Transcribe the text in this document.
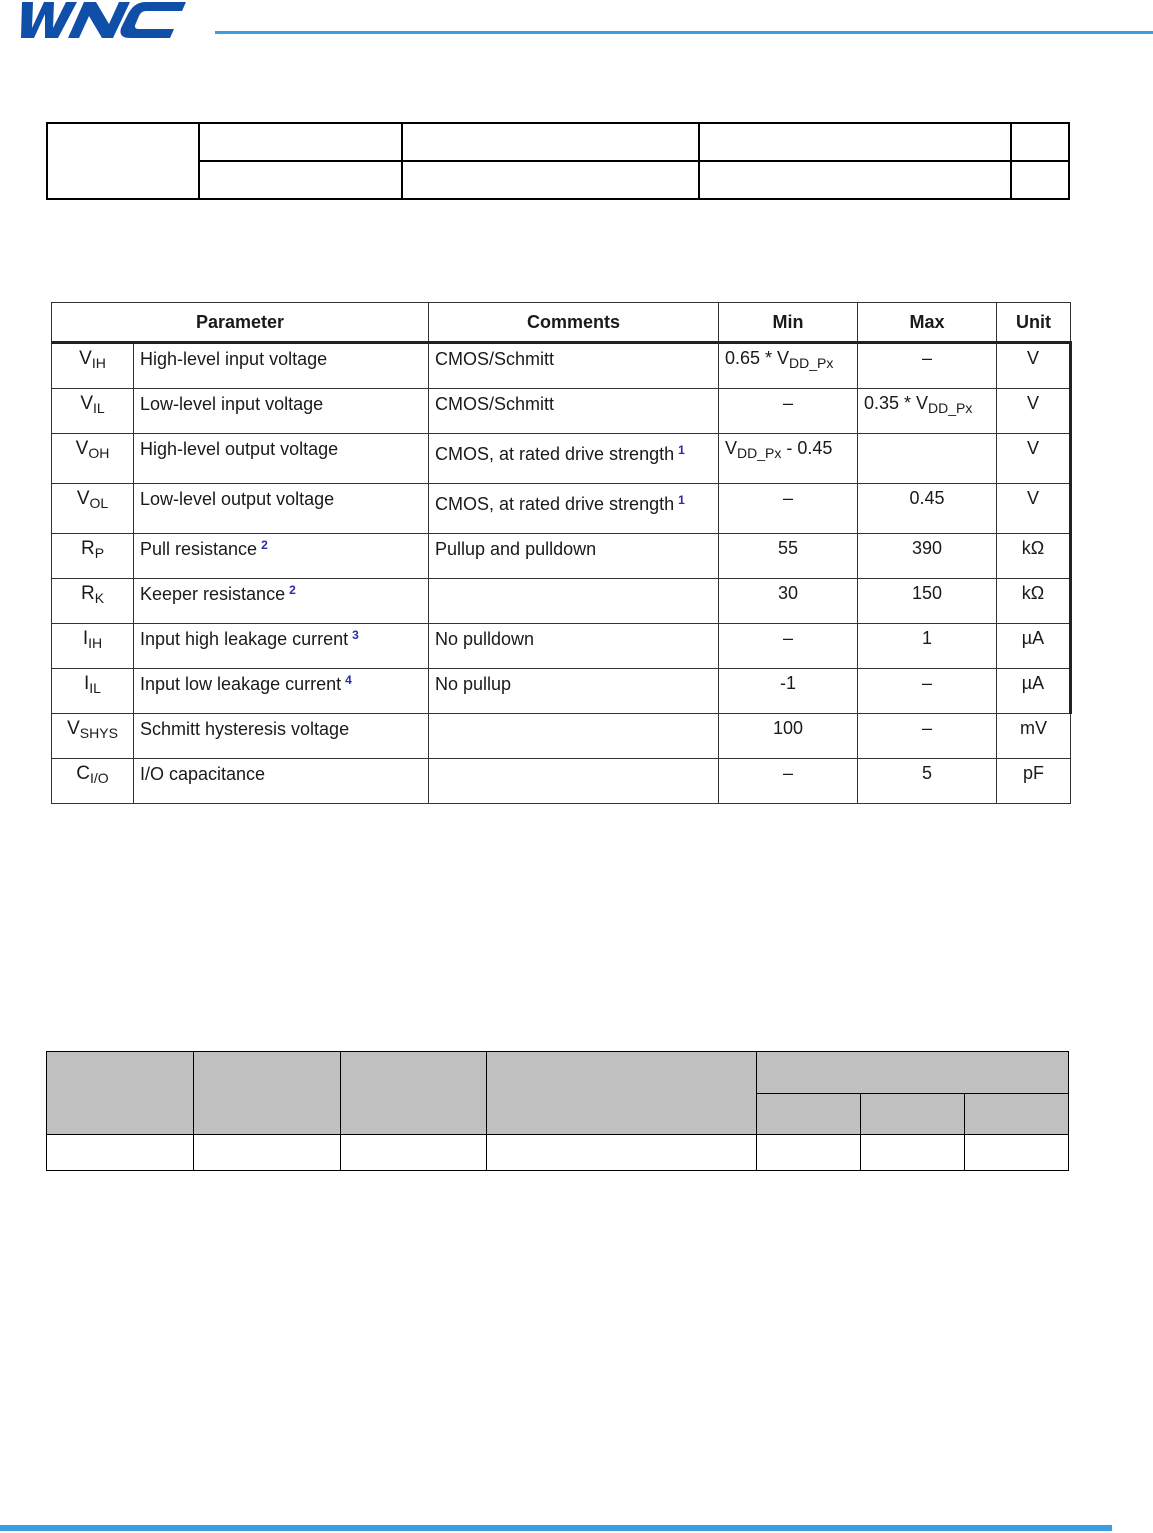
Parameter		Comments	Min	Max	Unit
$V_{IH}$	High-level input voltage	CMOS/Schmitt	$0.65 * V_{DD\_Px}$	–	V
$V_{IL}$	Low-level input voltage	CMOS/Schmitt	–	$0.35 * V_{DD\_Px}$	V
$V_{OH}$	High-level output voltage	CMOS, at rated drive strength $^1$	$V_{DD\_Px} - 0.45$		V
$V_{OL}$	Low-level output voltage	CMOS, at rated drive strength $^1$	–	0.45	V
$R_P$	Pull resistance $^2$	Pullup and pulldown	55	390	kΩ
$R_K$	Keeper resistance $^2$		30	150	kΩ
$I_{IH}$	Input high leakage current $^3$	No pulldown	–	1	µA
$I_{IL}$	Input low leakage current $^4$	No pullup	-1	–	µA
$V_{SHYS}$	Schmitt hysteresis voltage		100	–	mV
$C_{I/O}$	I/O capacitance		–	5	pF
